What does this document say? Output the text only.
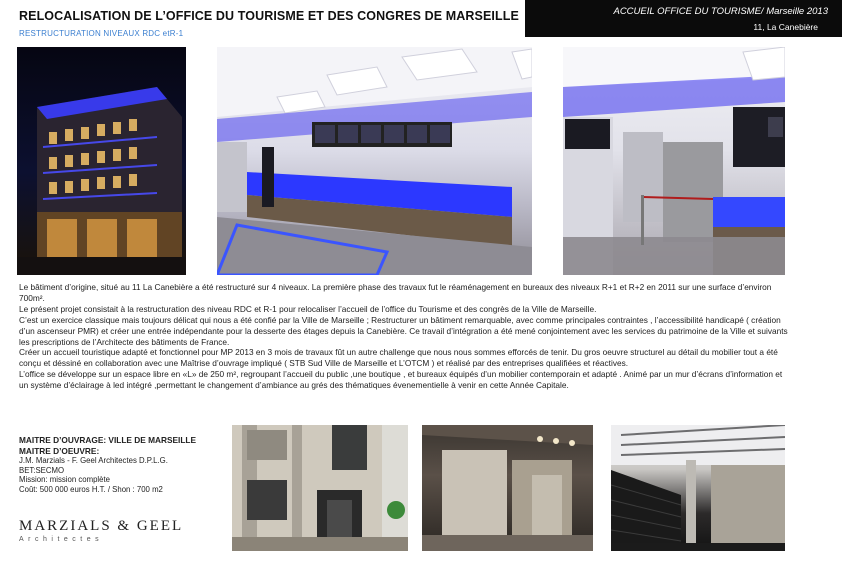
RELOCALISATION DE L’OFFICE DU TOURISME ET DES CONGRES DE MARSEILLE
RESTRUCTURATION NIVEAUX RDC etR-1
ACCUEIL OFFICE DU TOURISME/ Marseille 2013
11, La Canebière

Le bâtiment d’origine, situé au 11 La Canebière a été restructuré sur 4 niveaux. La première phase des travaux fut le réaménagement en bureaux des niveaux R+1 et R+2 en 2011 sur une surface d’environ 700m².

Le présent projet consistait à la restructuration des niveau RDC et R-1 pour relocaliser l’accueil de l’office du Tourisme et des congrès de la Ville de Marseille.

C’est un exercice classique mais toujours délicat qui nous a été confié par la Ville de Marseille ; Restructurer un bâtiment remarquable, avec comme principales contraintes , l’accessibilité handicapé ( création d’un ascenseur PMR) et créer une entrée indépendante pour la desserte des étages depuis la Canebière. Ce travail d’intégration a été mené conjointement avec les services du patrimoine de la Ville et suivants les prescriptions de l’Architecte des bâtiments de France.

Créer un accueil touristique adapté et fonctionnel pour MP 2013 en 3 mois de travaux fût un autre challenge que nous nous sommes efforcés de tenir. Du gros oeuvre structurel au détail du mobilier tout a été conçu et déssiné en collaboration avec une Maîtrise d’ouvrage impliqué ( STB Sud Ville de Marseille et L’OTCM ) et réalisé par des entreprises qualifiées et réactives.

L’office se développe sur un espace libre en «L» de 250 m², regroupant l’accueil du public ,une boutique , et bureaux équipés d’un mobilier contemporain et adapté . Animé par un mur d’écrans d’information et un système d’éclairage à led intégré ,permettant le changement d’ambiance au grés des thématiques évenementielle à venir en cette Année Capitale.

MAITRE D’OUVRAGE: VILLE DE MARSEILLE
MAITRE D’OEUVRE:
J.M. Marzials - F. Geel Architectes D.P.L.G.
BET:SECMO
Mission: mission complète
Coût: 500 000 euros H.T. / Shon : 700 m2
MARZIALS & GEEL
Architectes
